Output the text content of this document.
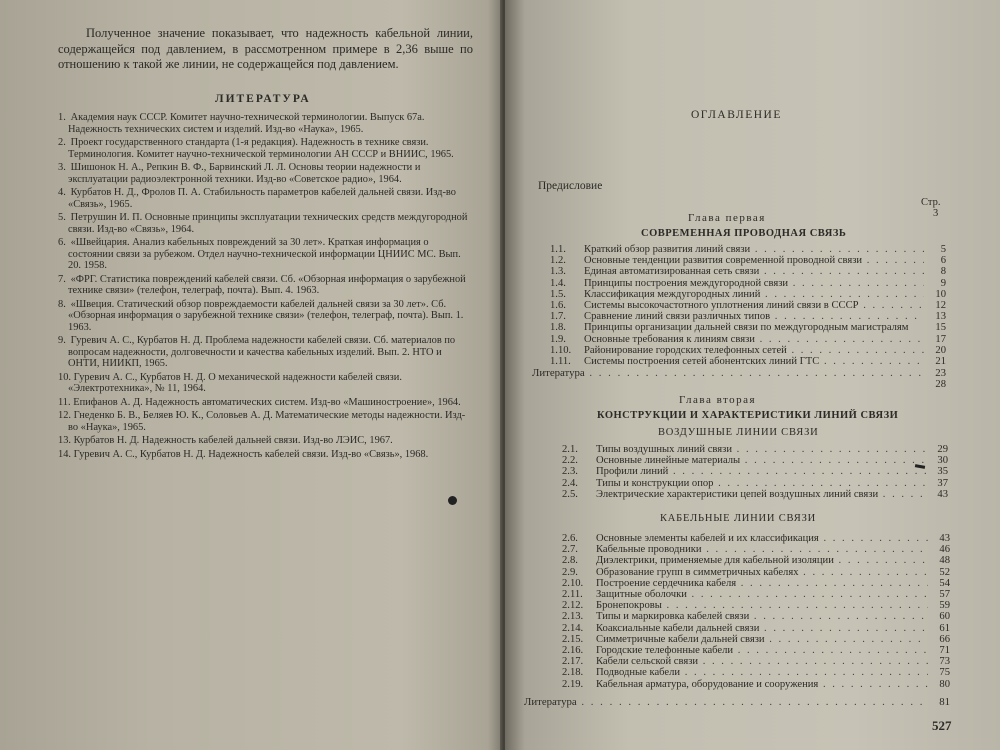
Полученное значение показывает, что надежность кабельной линии, содержащейся под давлением, в рассмотренном примере в 2,36 выше по отношению к такой же линии, не содержащейся под давлением.
ЛИТЕРАТУРА
1. Академия наук СССР. Комитет научно-технической терминологии. Выпуск 67а. Надежность технических систем и изделий. Изд-во «Наука», 1965.
2. Проект государственного стандарта (1-я редакция). Надежность в технике связи. Терминология. Комитет научно-технической терминологии АН СССР и ВНИИС, 1965.
3. Шишонок Н. А., Репкин В. Ф., Барвинский Л. Л. Основы теории надежности и эксплуатации радиоэлектронной техники. Изд-во «Советское радио», 1964.
4. Курбатов Н. Д., Фролов П. А. Стабильность параметров кабелей дальней связи. Изд-во «Связь», 1965.
5. Петрушин И. П. Основные принципы эксплуатации технических средств междугородной связи. Изд-во «Связь», 1964.
6. «Швейцария. Анализ кабельных повреждений за 30 лет». Краткая информация о состоянии связи за рубежом. Отдел научно-технической информации ЦНИИС МС. Вып. 20. 1958.
7. «ФРГ. Статистика повреждений кабелей связи. Сб. «Обзорная информация о зарубежной технике связи» (телефон, телеграф, почта). Вып. 4. 1963.
8. «Швеция. Статический обзор повреждаемости кабелей дальней связи за 30 лет». Сб. «Обзорная информация о зарубежной технике связи» (телефон, телеграф, почта). Вып. 1. 1963.
9. Гуревич А. С., Курбатов Н. Д. Проблема надежности кабелей связи. Сб. материалов по вопросам надежности, долговечности и качества кабельных изделий. Вып. 2. НТО и ОНТИ, НИИКП, 1965.
10. Гуревич А. С., Курбатов Н. Д. О механической надежности кабелей связи. «Электротехника», № 11, 1964.
11. Епифанов А. Д. Надежность автоматических систем. Изд-во «Машиностроение», 1964.
12. Гнеденко Б. В., Беляев Ю. К., Соловьев А. Д. Математические методы надежности. Изд-во «Наука», 1965.
13. Курбатов Н. Д. Надежность кабелей дальней связи. Изд-во ЛЭИС, 1967.
14. Гуревич А. С., Курбатов Н. Д. Надежность кабелей связи. Изд-во «Связь», 1968.
ОГЛАВЛЕНИЕ
Предисловие
Стр.
3
Глава первая
СОВРЕМЕННАЯ ПРОВОДНАЯ СВЯЗЬ
1.1.	Краткий обзор развития линий связи . . .	5
1.2.	Основные тенденции развития современной проводной связи . . .	6
1.3.	Единая автоматизированная сеть связи . . .	8
1.4.	Принципы построения междугородной связи . . .	9
1.5.	Классификация междугородных линий . . .	10
1.6.	Системы высокочастотного уплотнения линий связи в СССР . . .	12
1.7.	Сравнение линий связи различных типов . . .	13
1.8.	Принципы организации дальней связи по междугородным магистралям	15
1.9.	Основные требования к линиям связи . . .	17
1.10.	Районирование городских телефонных сетей . . .	20
1.11.	Системы построения сетей абонентских линий ГТС . . .	21
Литература . . .	23
28
Глава вторая
КОНСТРУКЦИИ И ХАРАКТЕРИСТИКИ ЛИНИЙ СВЯЗИ
ВОЗДУШНЫЕ ЛИНИИ СВЯЗИ
2.1.	Типы воздушных линий связи . . .	29
2.2.	Основные линейные материалы . . .	30
2.3.	Профили линий . . .	35
2.4.	Типы и конструкции опор . . .	37
2.5.	Электрические характеристики цепей воздушных линий связи . . .	43
КАБЕЛЬНЫЕ ЛИНИИ СВЯЗИ
2.6.	Основные элементы кабелей и их классификация . . .	43
2.7.	Кабельные проводники . . .	46
2.8.	Диэлектрики, применяемые для кабельной изоляции . . .	48
2.9.	Образование групп в симметричных кабелях . . .	52
2.10.	Построение сердечника кабеля . . .	54
2.11.	Защитные оболочки . . .	57
2.12.	Бронепокровы . . .	59
2.13.	Типы и маркировка кабелей связи . . .	60
2.14.	Коаксиальные кабели дальней связи . . .	61
2.15.	Симметричные кабели дальней связи . . .	66
2.16.	Городские телефонные кабели . . .	71
2.17.	Кабели сельской связи . . .	73
2.18.	Подводные кабели . . .	75
2.19.	Кабельная арматура, оборудование и сооружения . . .	80
Литература . . .	81
527
